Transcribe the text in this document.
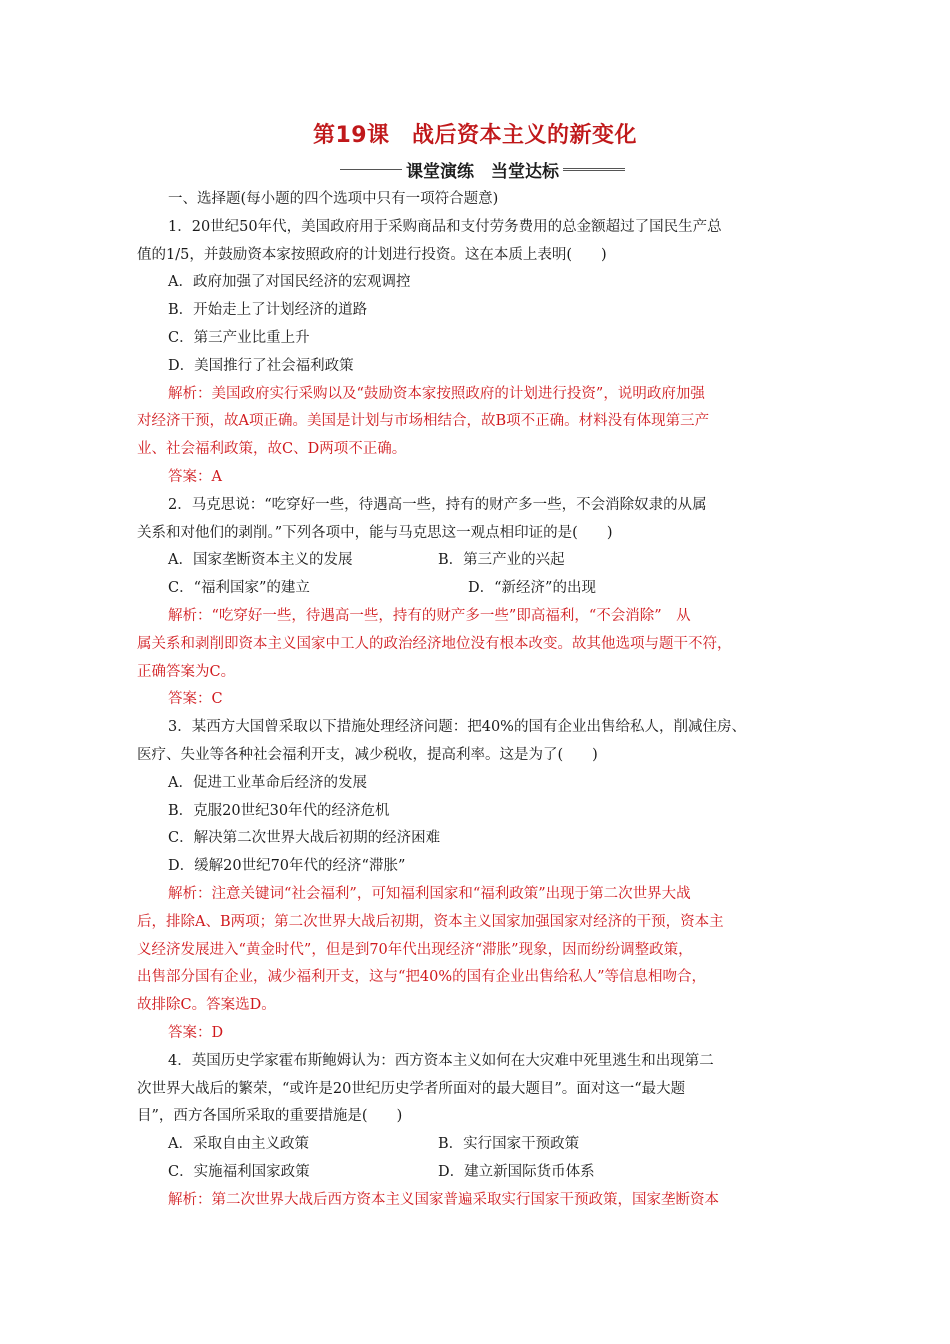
第19课　战后资本主义的新变化
课堂演练　当堂达标
一、选择题(每小题的四个选项中只有一项符合题意)
1．20世纪50年代，美国政府用于采购商品和支付劳务费用的总金额超过了国民生产总
值的1/5，并鼓励资本家按照政府的计划进行投资。这在本质上表明(　　)
A．政府加强了对国民经济的宏观调控
B．开始走上了计划经济的道路
C．第三产业比重上升
D．美国推行了社会福利政策
解析：美国政府实行采购以及“鼓励资本家按照政府的计划进行投资”，说明政府加强
对经济干预，故A项正确。美国是计划与市场相结合，故B项不正确。材料没有体现第三产
业、社会福利政策，故C、D两项不正确。
答案：A
2．马克思说：“吃穿好一些，待遇高一些，持有的财产多一些，不会消除奴隶的从属
关系和对他们的剥削。”下列各项中，能与马克思这一观点相印证的是(　　)
A．国家垄断资本主义的发展	B．第三产业的兴起
C．“福利国家”的建立	D．“新经济”的出现
解析：“吃穿好一些，待遇高一些，持有的财产多一些”即高福利，“不会消除”　从
属关系和剥削即资本主义国家中工人的政治经济地位没有根本改变。故其他选项与题干不符，
正确答案为C。
答案：C
3．某西方大国曾采取以下措施处理经济问题：把40%的国有企业出售给私人，削减住房、
医疗、失业等各种社会福利开支，减少税收，提高利率。这是为了(　　)
A．促进工业革命后经济的发展
B．克服20世纪30年代的经济危机
C．解决第二次世界大战后初期的经济困难
D．缓解20世纪70年代的经济“滞胀”
解析：注意关键词“社会福利”，可知福利国家和“福利政策”出现于第二次世界大战
后，排除A、B两项；第二次世界大战后初期，资本主义国家加强国家对经济的干预，资本主
义经济发展进入“黄金时代”，但是到70年代出现经济“滞胀”现象，因而纷纷调整政策，
出售部分国有企业，减少福利开支，这与“把40%的国有企业出售给私人”等信息相吻合，
故排除C。答案选D。
答案：D
4．英国历史学家霍布斯鲍姆认为：西方资本主义如何在大灾难中死里逃生和出现第二
次世界大战后的繁荣，“或许是20世纪历史学者所面对的最大题目”。面对这一“最大题
目”，西方各国所采取的重要措施是(　　)
A．采取自由主义政策	B．实行国家干预政策
C．实施福利国家政策	D．建立新国际货币体系
解析：第二次世界大战后西方资本主义国家普遍采取实行国家干预政策，国家垄断资本
